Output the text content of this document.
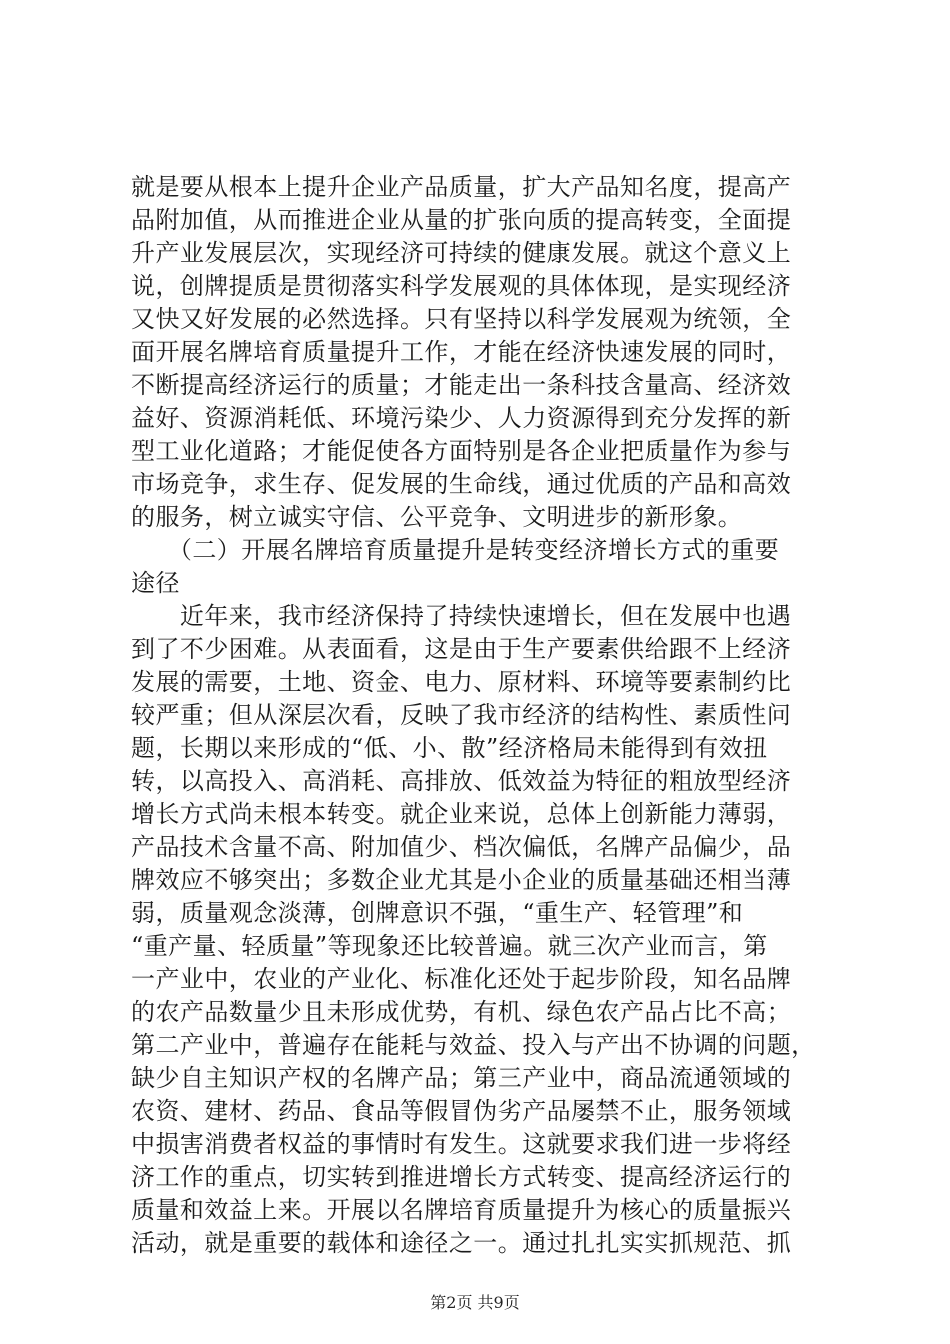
就是要从根本上提升企业产品质量，扩大产品知名度，提高产
品附加值，从而推进企业从量的扩张向质的提高转变，全面提
升产业发展层次，实现经济可持续的健康发展。就这个意义上
说，创牌提质是贯彻落实科学发展观的具体体现，是实现经济
又快又好发展的必然选择。只有坚持以科学发展观为统领，全
面开展名牌培育质量提升工作，才能在经济快速发展的同时，
不断提高经济运行的质量；才能走出一条科技含量高、经济效
益好、资源消耗低、环境污染少、人力资源得到充分发挥的新
型工业化道路；才能促使各方面特别是各企业把质量作为参与
市场竞争，求生存、促发展的生命线，通过优质的产品和高效
的服务，树立诚实守信、公平竞争、文明进步的新形象。
　　（二）开展名牌培育质量提升是转变经济增长方式的重要
途径
　　近年来，我市经济保持了持续快速增长，但在发展中也遇
到了不少困难。从表面看，这是由于生产要素供给跟不上经济
发展的需要，土地、资金、电力、原材料、环境等要素制约比
较严重；但从深层次看，反映了我市经济的结构性、素质性问
题，长期以来形成的“低、小、散”经济格局未能得到有效扭
转，以高投入、高消耗、高排放、低效益为特征的粗放型经济
增长方式尚未根本转变。就企业来说，总体上创新能力薄弱，
产品技术含量不高、附加值少、档次偏低，名牌产品偏少，品
牌效应不够突出；多数企业尤其是小企业的质量基础还相当薄
弱，质量观念淡薄，创牌意识不强，“重生产、轻管理”和
“重产量、轻质量”等现象还比较普遍。就三次产业而言，第
一产业中，农业的产业化、标准化还处于起步阶段，知名品牌
的农产品数量少且未形成优势，有机、绿色农产品占比不高；
第二产业中，普遍存在能耗与效益、投入与产出不协调的问题，
缺少自主知识产权的名牌产品；第三产业中，商品流通领域的
农资、建材、药品、食品等假冒伪劣产品屡禁不止，服务领域
中损害消费者权益的事情时有发生。这就要求我们进一步将经
济工作的重点，切实转到推进增长方式转变、提高经济运行的
质量和效益上来。开展以名牌培育质量提升为核心的质量振兴
活动，就是重要的载体和途径之一。通过扎扎实实抓规范、抓
第2页 共9页
